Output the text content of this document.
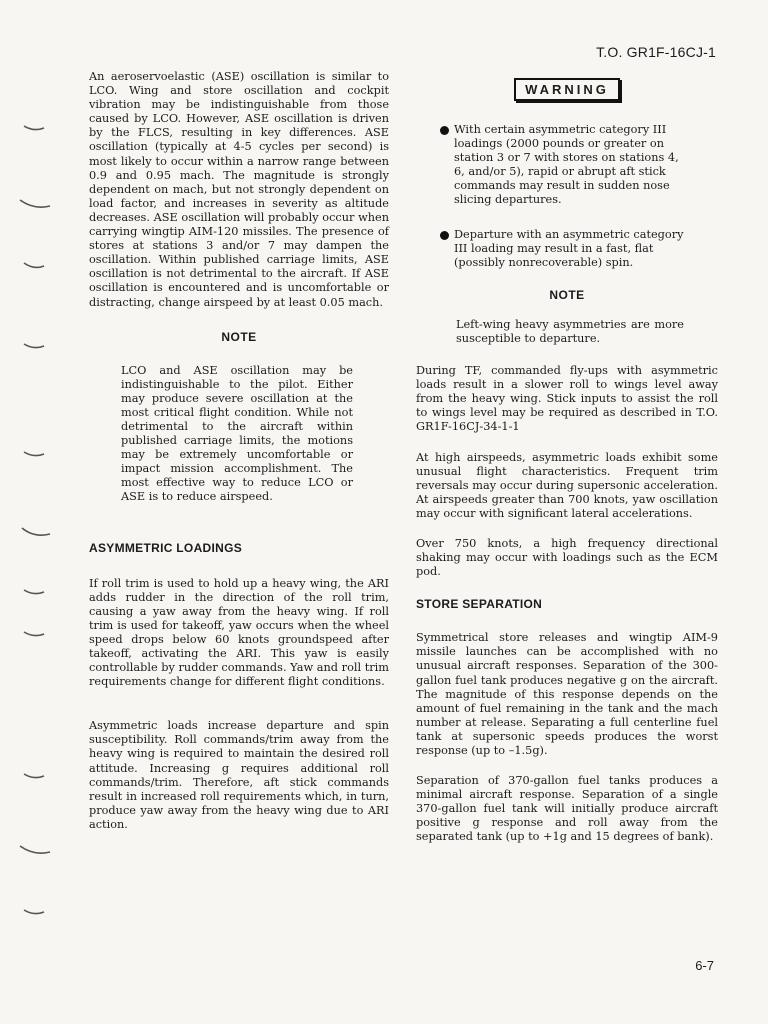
T.O. GR1F-16CJ-1

An aeroservoelastic (ASE) oscillation is similar to LCO. Wing and store oscillation and cockpit vibration may be indistinguishable from those caused by LCO. However, ASE oscillation is driven by the FLCS, resulting in key differences. ASE oscillation (typically at 4-5 cycles per second) is most likely to occur within a narrow range between 0.9 and 0.95 mach. The magnitude is strongly dependent on mach, but not strongly dependent on load factor, and increases in severity as altitude decreases. ASE oscillation will probably occur when carrying wingtip AIM-120 missiles. The presence of stores at stations 3 and/or 7 may dampen the oscillation. Within published carriage limits, ASE oscillation is not detrimental to the aircraft. If ASE oscillation is encountered and is uncomfortable or distracting, change airspeed by at least 0.05 mach.

NOTE

LCO and ASE oscillation may be indistinguishable to the pilot. Either may produce severe oscillation at the most critical flight condition. While not detrimental to the aircraft within published carriage limits, the motions may be extremely uncomfortable or impact mission accomplishment. The most effective way to reduce LCO or ASE is to reduce airspeed.

ASYMMETRIC LOADINGS

If roll trim is used to hold up a heavy wing, the ARI adds rudder in the direction of the roll trim, causing a yaw away from the heavy wing. If roll trim is used for takeoff, yaw occurs when the wheel speed drops below 60 knots groundspeed after takeoff, activating the ARI. This yaw is easily controllable by rudder commands. Yaw and roll trim requirements change for different flight conditions.

Asymmetric loads increase departure and spin susceptibility. Roll commands/trim away from the heavy wing is required to maintain the desired roll attitude. Increasing g requires additional roll commands/trim. Therefore, aft stick commands result in increased roll requirements which, in turn, produce yaw away from the heavy wing due to ARI action.

WARNING

With certain asymmetric category III loadings (2000 pounds or greater on station 3 or 7 with stores on stations 4, 6, and/or 5), rapid or abrupt aft stick commands may result in sudden nose slicing departures.

Departure with an asymmetric category III loading may result in a fast, flat (possibly nonrecoverable) spin.

NOTE

Left-wing heavy asymmetries are more susceptible to departure.

During TF, commanded fly-ups with asymmetric loads result in a slower roll to wings level away from the heavy wing. Stick inputs to assist the roll to wings level may be required as described in T.O. GR1F-16CJ-34-1-1

At high airspeeds, asymmetric loads exhibit some unusual flight characteristics. Frequent trim reversals may occur during supersonic acceleration. At airspeeds greater than 700 knots, yaw oscillation may occur with significant lateral accelerations.

Over 750 knots, a high frequency directional shaking may occur with loadings such as the ECM pod.

STORE SEPARATION

Symmetrical store releases and wingtip AIM-9 missile launches can be accomplished with no unusual aircraft responses. Separation of the 300-gallon fuel tank produces negative g on the aircraft. The magnitude of this response depends on the amount of fuel remaining in the tank and the mach number at release. Separating a full centerline fuel tank at supersonic speeds produces the worst response (up to –1.5g).

Separation of 370-gallon fuel tanks produces a minimal aircraft response. Separation of a single 370-gallon fuel tank will initially produce aircraft positive g response and roll away from the separated tank (up to +1g and 15 degrees of bank).

6-7
